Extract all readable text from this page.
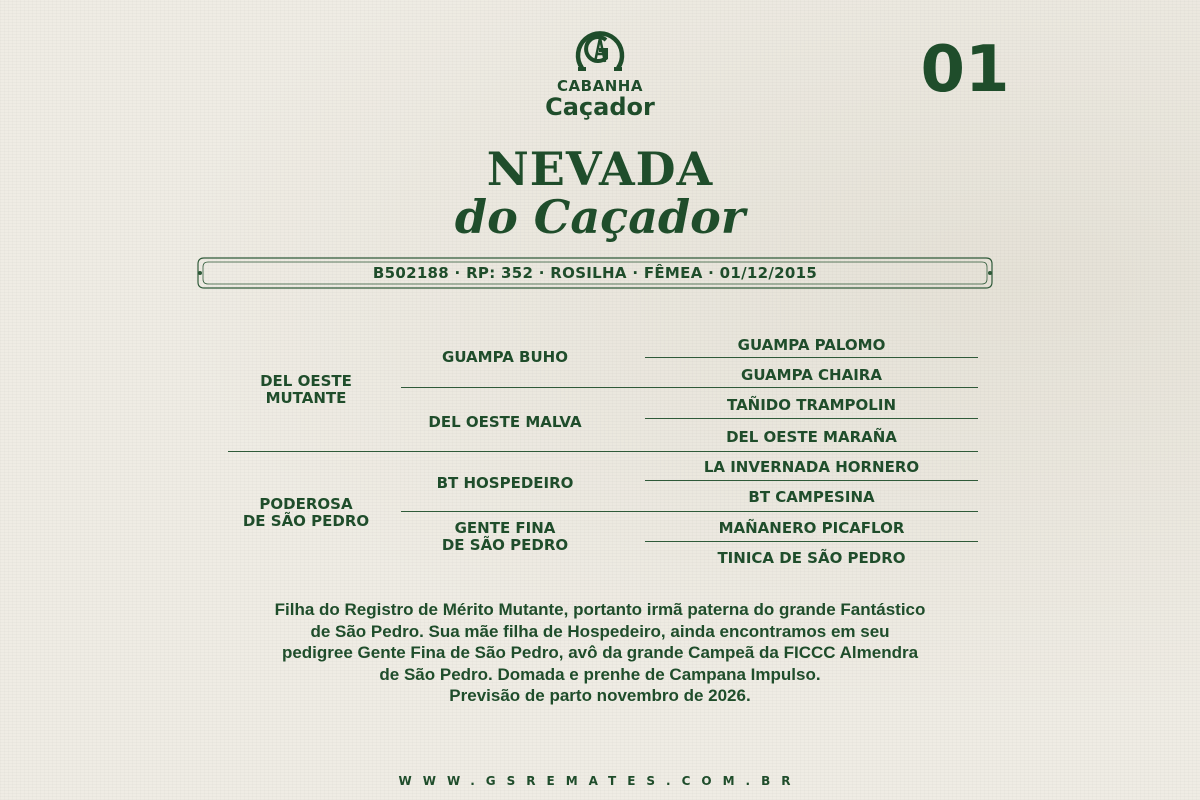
CABANHA
Caçador	01
NEVADA
do Caçador
B502188 · RP: 352 · ROSILHA · FÊMEA · 01/12/2015
DEL OESTE
MUTANTE
PODEROSA
DE SÃO PEDRO
GUAMPA BUHO
DEL OESTE MALVA
BT HOSPEDEIRO
GENTE FINA
DE SÃO PEDRO
GUAMPA PALOMO
GUAMPA CHAIRA
TAÑIDO TRAMPOLIN
DEL OESTE MARAÑA
LA INVERNADA HORNERO
BT CAMPESINA
MAÑANERO PICAFLOR
TINICA DE SÃO PEDRO
Filha do Registro de Mérito Mutante, portanto irmã paterna do grande Fantástico
de São Pedro. Sua mãe filha de Hospedeiro, ainda encontramos em seu
pedigree Gente Fina de São Pedro, avô da grande Campeã da FICCC Almendra
de São Pedro. Domada e prenhe de Campana Impulso.
Previsão de parto novembro de 2026.
WWW.GSREMATES.COM.BR
